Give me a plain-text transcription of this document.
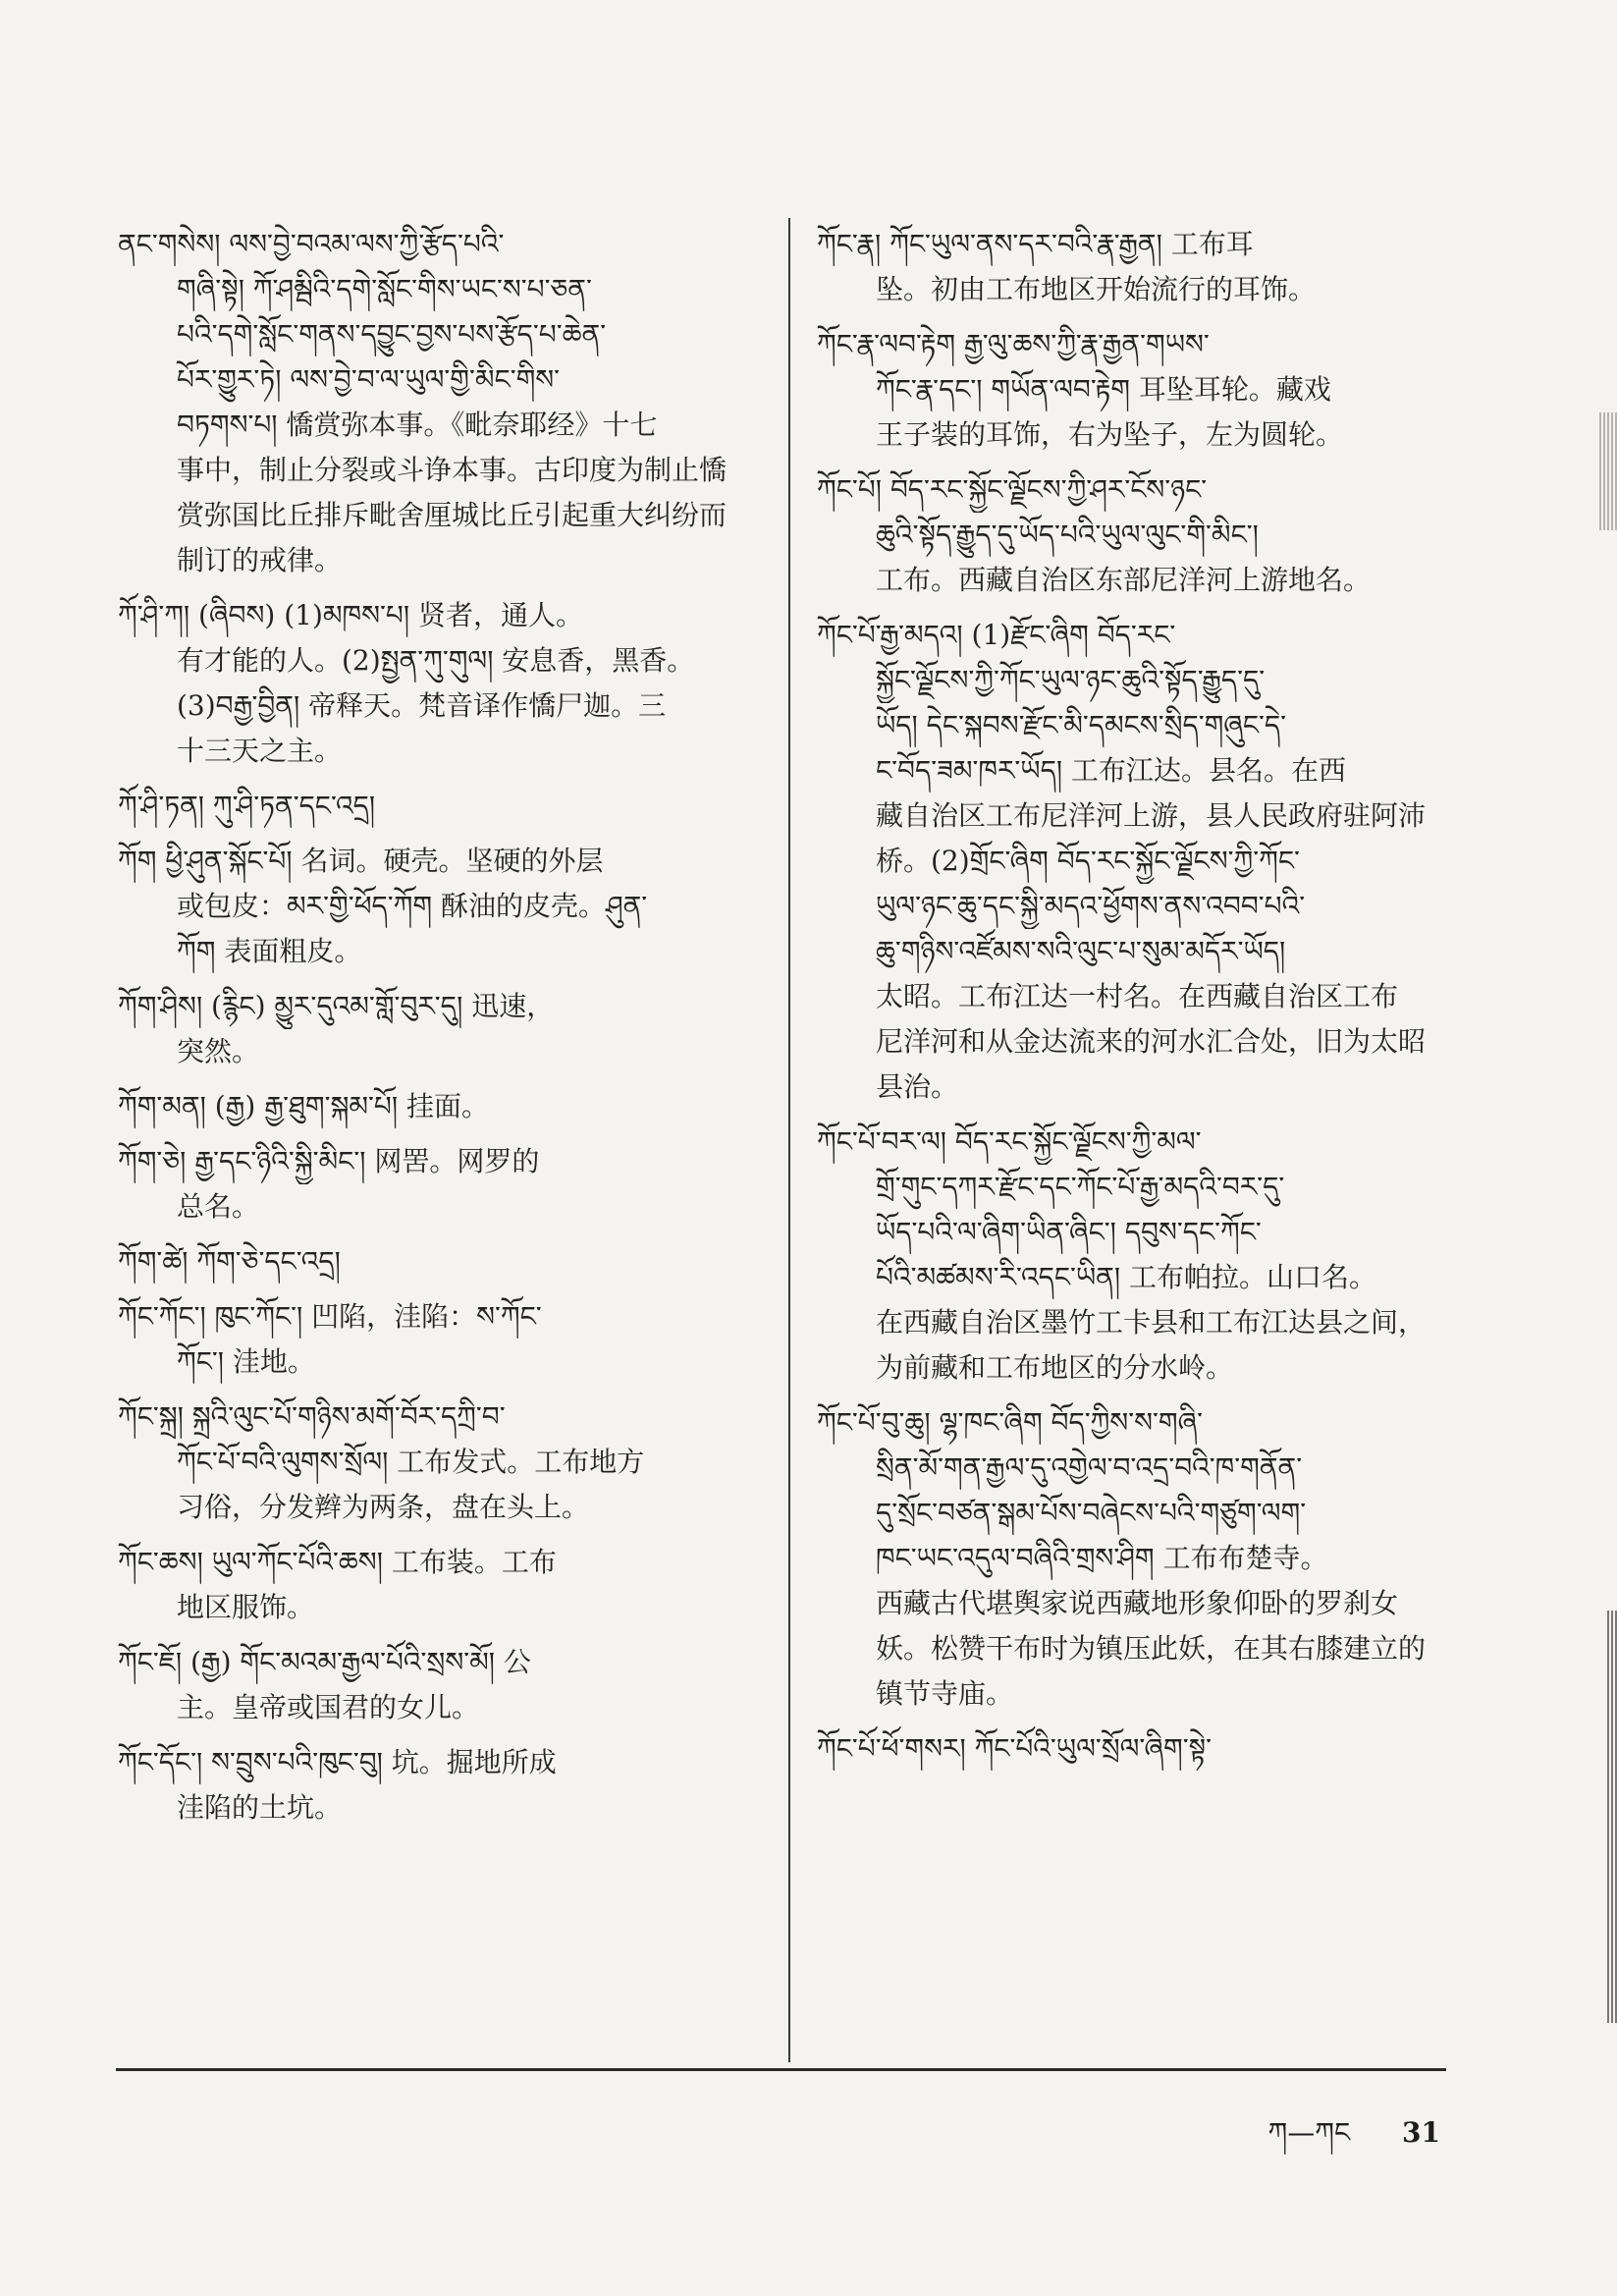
ནང་གསེས། ལས་བྱེ་བའམ་ལས་ཀྱི་རྩོད་པའི་
གཞི་སྟེ། ཀོ་ཤམྦིའི་དགེ་སློང་གིས་ཡང་ས་པ་ཅན་
པའི་དགེ་སློང་གནས་དབྱུང་བྱས་པས་རྩོད་པ་ཆེན་
པོར་གྱུར་ཏེ། ལས་བྱེ་བ་ལ་ཡུལ་གྱི་མིང་གིས་
བཏགས་པ། 憍赏弥本事。《毗奈耶经》十七
事中，制止分裂或斗诤本事。古印度为制止憍
赏弥国比丘排斥毗舍厘城比丘引起重大纠纷而
制订的戒律。
ཀོ་ཤི་ཀ། (ཞིབས) (1)མཁས་པ། 贤者，通人。
有才能的人。(2)སྤྱན་ཀུ་གུལ། 安息香，黑香。
(3)བརྒྱ་བྱིན། 帝释天。梵音译作憍尸迦。三
十三天之主。
ཀོ་ཤི་ཏན། ཀུ་ཤི་ཏན་དང་འདྲ།
ཀོག ཕྱི་ཤུན་སྐོང་པོ། 名词。硬壳。坚硬的外层
或包皮：མར་གྱི་ཕོད་ཀོག 酥油的皮壳。ཤུན་
ཀོག 表面粗皮。
ཀོག་ཤིས། (རྙིང) མྱུར་དུའམ་གློ་བུར་དུ། 迅速，
突然。
ཀོག་མན། (རྒྱ) རྒྱ་ཐུག་སྐམ་པོ། 挂面。
ཀོག་ཅེ། རྒྱ་དང་ཉིའི་སྐྱི་མིང་། 网罟。网罗的
总名。
ཀོག་ཚེ། ཀོག་ཅེ་དང་འདྲ།
ཀོང་ཀོང་། ཁུང་ཀོང་། 凹陷，洼陷：ས་ཀོང་
ཀོང་། 洼地。
ཀོང་སྐྲ། སྐྲའི་ལུང་པོ་གཉིས་མགོ་བོར་དཀྲི་བ་
ཀོང་པོ་བའི་ལུགས་སྲོལ། 工布发式。工布地方
习俗，分发辫为两条，盘在头上。
ཀོང་ཆས། ཡུལ་ཀོང་པོའི་ཆས། 工布装。工布
地区服饰。
ཀོང་ཇོ། (རྒྱ) གོང་མའམ་རྒྱལ་པོའི་སྲས་མོ། 公
主。皇帝或国君的女儿。
ཀོང་དོང་། ས་བྲུས་པའི་ཁུང་བུ། 坑。掘地所成
洼陷的土坑。
ཀོང་རྣ། ཀོང་ཡུལ་ནས་དར་བའི་རྣ་རྒྱན། 工布耳
坠。初由工布地区开始流行的耳饰。
ཀོང་རྣ་ལབ་རྟེག རྒྱ་ལུ་ཆས་ཀྱི་རྣ་རྒྱན་གཡས་
ཀོང་རྣ་དང་། གཡོན་ལབ་རྟེག 耳坠耳轮。藏戏
王子装的耳饰，右为坠子，左为圆轮。
ཀོང་པོ། བོད་རང་སྐྱོང་ལྗོངས་ཀྱི་ཤར་ངོས་ཉང་
ཆུའི་སྟོད་རྒྱུད་དུ་ཡོད་པའི་ཡུལ་ལུང་གི་མིང་།
工布。西藏自治区东部尼洋河上游地名。
ཀོང་པོ་རྒྱ་མདའ། (1)རྫོང་ཞིག བོད་རང་
སྐྱོང་ལྗོངས་ཀྱི་ཀོང་ཡུལ་ཉང་ཆུའི་སྟོད་རྒྱུད་དུ་
ཡོད། དེང་སྐབས་རྫོང་མི་དམངས་སྲིད་གཞུང་དེ་
ང་བོད་ཟམ་ཁར་ཡོད། 工布江达。县名。在西
藏自治区工布尼洋河上游，县人民政府驻阿沛
桥。(2)གྲོང་ཞིག བོད་རང་སྐྱོང་ལྗོངས་ཀྱི་ཀོང་
ཡུལ་ཉང་ཆུ་དང་སྐྱི་མདའ་ཕྱོགས་ནས་འབབ་པའི་
ཆུ་གཉིས་འཛོམས་སའི་ལུང་པ་སུམ་མདོར་ཡོད།
太昭。工布江达一村名。在西藏自治区工布
尼洋河和从金达流来的河水汇合处，旧为太昭
县治。
ཀོང་པོ་བར་ལ། བོད་རང་སྐྱོང་ལྗོངས་ཀྱི་མལ་
གྲོ་གུང་དཀར་རྫོང་དང་ཀོང་པོ་རྒྱ་མདའི་བར་དུ་
ཡོད་པའི་ལ་ཞིག་ཡིན་ཞིང་། དབུས་དང་ཀོང་
པོའི་མཚམས་རི་འདང་ཡིན། 工布帕拉。山口名。
在西藏自治区墨竹工卡县和工布江达县之间，
为前藏和工布地区的分水岭。
ཀོང་པོ་བུ་ཆུ། ལྷ་ཁང་ཞིག བོད་ཀྱིས་ས་གཞི་
སྲིན་མོ་གན་རྒྱལ་དུ་འགྱེལ་བ་འདྲ་བའི་ཁ་གནོན་
དུ་སྲོང་བཙན་སྒམ་པོས་བཞེངས་པའི་གཙུག་ལག་
ཁང་ཡང་འདུལ་བཞིའི་གྲས་ཤིག 工布布楚寺。
西藏古代堪舆家说西藏地形象仰卧的罗刹女
妖。松赞干布时为镇压此妖，在其右膝建立的
镇节寺庙。
ཀོང་པོ་ཕོ་གསར། ཀོང་པོའི་ཡུལ་སྲོལ་ཞིག་སྟེ་
ཀ—ཀང 31
